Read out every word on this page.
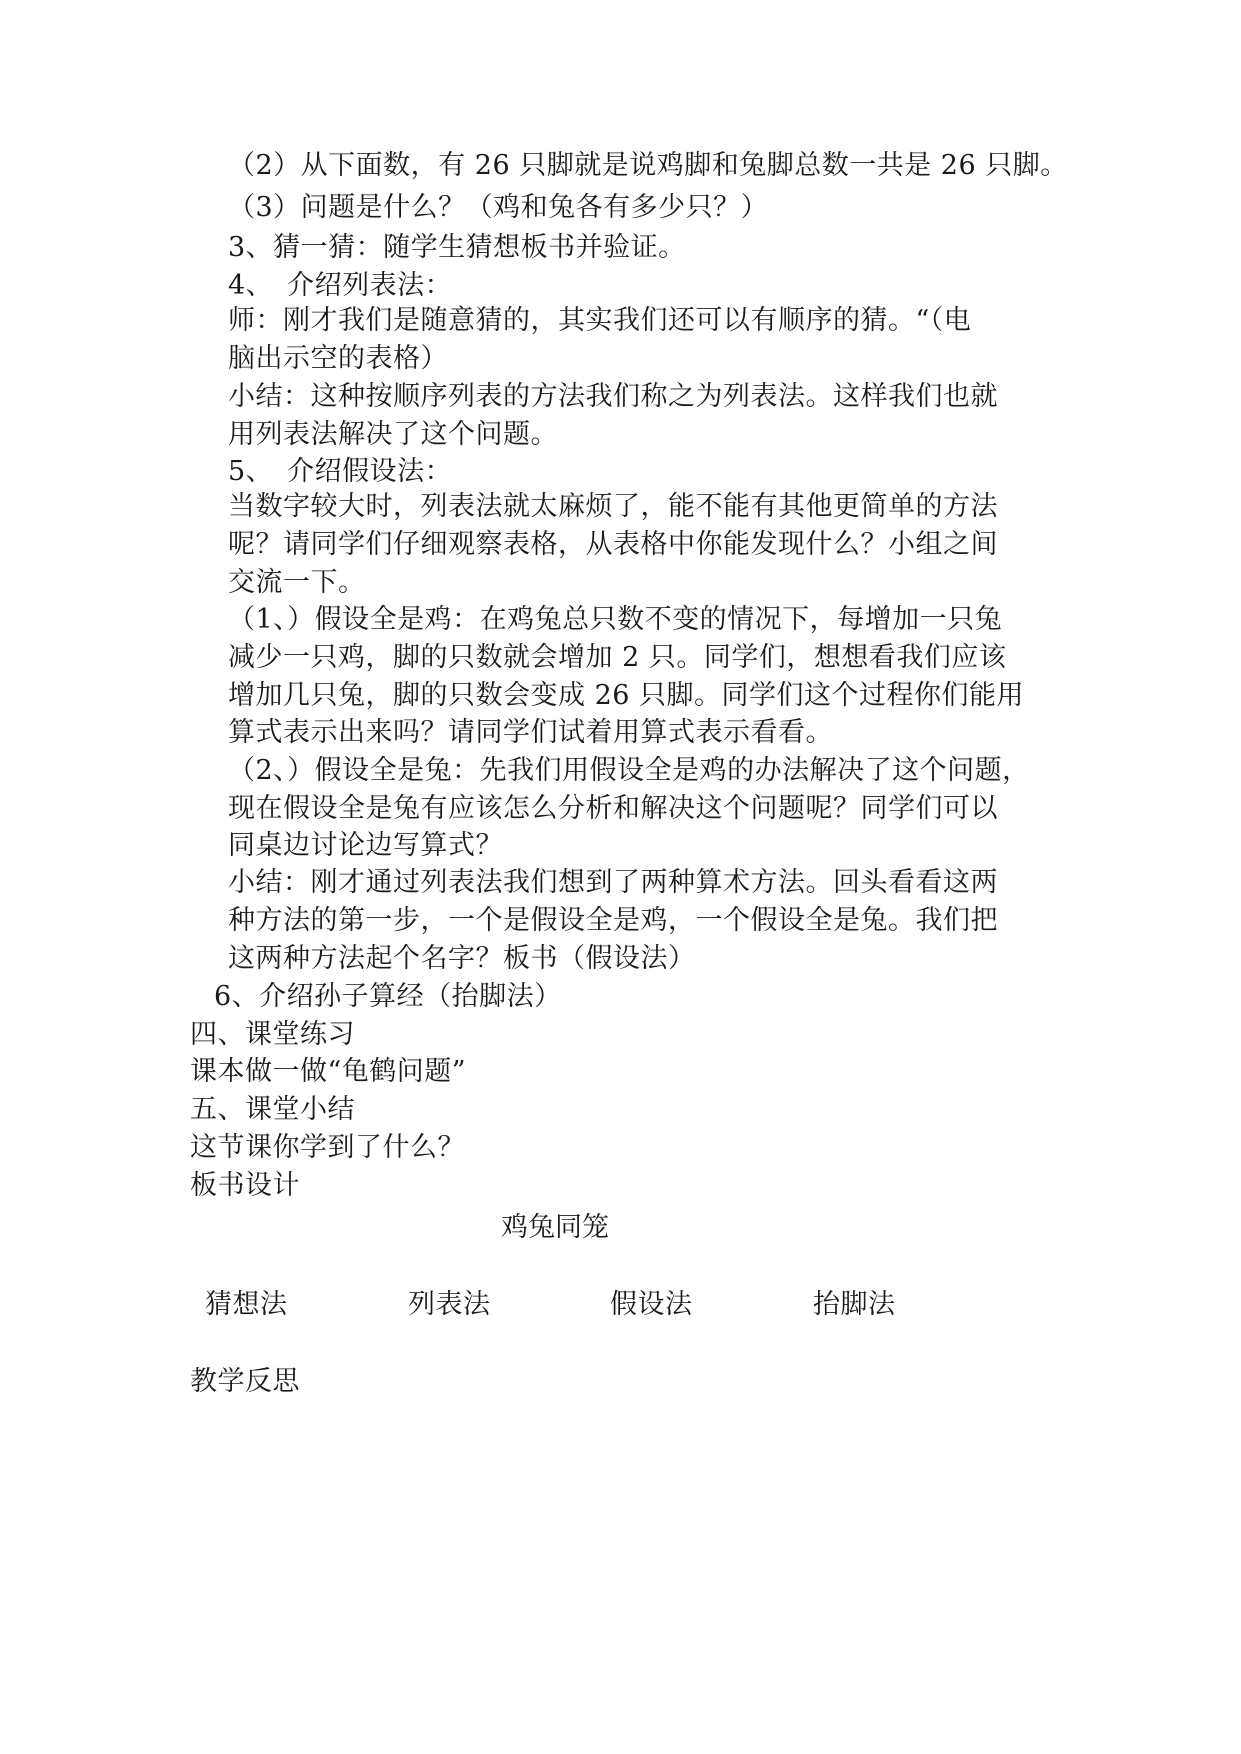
（2）从下面数，有 26 只脚就是说鸡脚和兔脚总数一共是 26 只脚。
（3）问题是什么？（鸡和兔各有多少只？）
3、猜一猜：随学生猜想板书并验证。
4、　介绍列表法：
师：刚才我们是随意猜的，其实我们还可以有顺序的猜。“（电
脑出示空的表格）
小结：这种按顺序列表的方法我们称之为列表法。这样我们也就
用列表法解决了这个问题。
5、　介绍假设法：
当数字较大时，列表法就太麻烦了，能不能有其他更简单的方法
呢？请同学们仔细观察表格，从表格中你能发现什么？小组之间
交流一下。
（1、）假设全是鸡：在鸡兔总只数不变的情况下，每增加一只兔
减少一只鸡，脚的只数就会增加 2 只。同学们，想想看我们应该
增加几只兔，脚的只数会变成 26 只脚。同学们这个过程你们能用
算式表示出来吗？请同学们试着用算式表示看看。
（2、）假设全是兔：先我们用假设全是鸡的办法解决了这个问题，
现在假设全是兔有应该怎么分析和解决这个问题呢？同学们可以
同桌边讨论边写算式？
小结：刚才通过列表法我们想到了两种算术方法。回头看看这两
种方法的第一步，一个是假设全是鸡，一个假设全是兔。我们把
这两种方法起个名字？板书（假设法）
6、介绍孙子算经（抬脚法）
四、课堂练习
课本做一做“龟鹤问题”
五、课堂小结
这节课你学到了什么？
板书设计
鸡兔同笼
猜想法	列表法	假设法	抬脚法
教学反思
